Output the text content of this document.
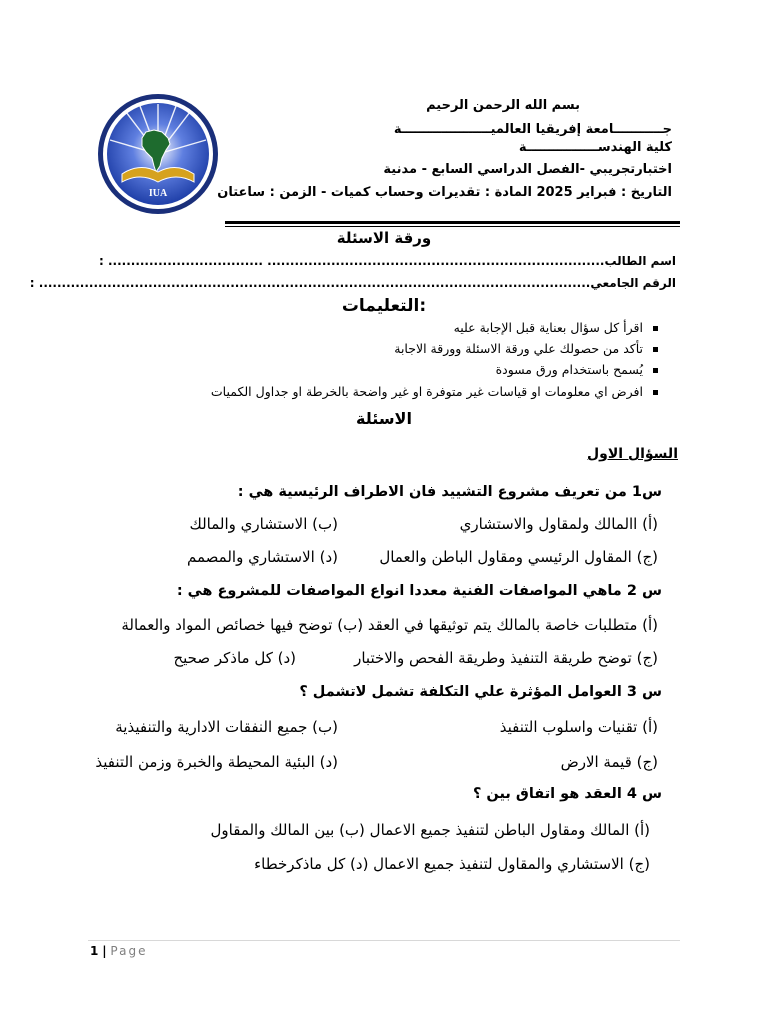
IUA
بسم الله الرحمن الرحيم
جـــــــــــامعة إفريقيا العالميــــــــــــــــــــة
كلية الهندســــــــــــــــة
اختبارتجريبي -الفصل الدراسي السابع - مدنية
التاريخ : فبراير 2025 المادة : تقديرات وحساب كميات - الزمن : ساعتان
ورقة الاسئلة
اسم الطالب.......................................................................... .................................. :
الرقم الجامعي......................................................................................................................... :
التعليمات:
اقرأ كل سؤال بعناية قبل الإجابة عليه
تأكد من حصولك علي ورقة الاسئلة وورقة الاجابة
يُسمح باستخدام ورق مسودة
افرض اي معلومات او قياسات غير متوفرة او غير واضحة بالخرطة او جداول الكميات
الاسئلة
السؤال الاول
س1 من تعريف مشروع التشييد فان الاطراف الرئيسية هي :
(أ) االمالك ولمقاول والاستشاري
(ب) الاستشاري والمالك
(ج) المقاول الرئيسي ومقاول الباطن والعمال
(د) الاستشاري والمصمم
س 2 ماهي المواصفات الفنية معددا انواع المواصفات للمشروع هي :
(أ) متطلبات خاصة بالمالك يتم توثيقها في العقد (ب) توضح فيها خصائص المواد والعمالة
(ج) توضح طريقة التنفيذ وطريقة الفحص والاختبار
(د) كل ماذكر صحيح
س 3 العوامل المؤثرة علي التكلفة تشمل لاتشمل ؟
(أ) تقنيات واسلوب التنفيذ
(ب) جميع النفقات الادارية والتنفيذية
(ج) قيمة الارض
(د) البئية المحيطة والخبرة وزمن التنفيذ
س 4 العقد هو اتفاق بين ؟
(أ) المالك ومقاول الباطن لتنفيذ جميع الاعمال (ب) بين المالك والمقاول
(ج) الاستشاري والمقاول لتنفيذ جميع الاعمال (د) كل ماذكرخطاء
1 | Page
